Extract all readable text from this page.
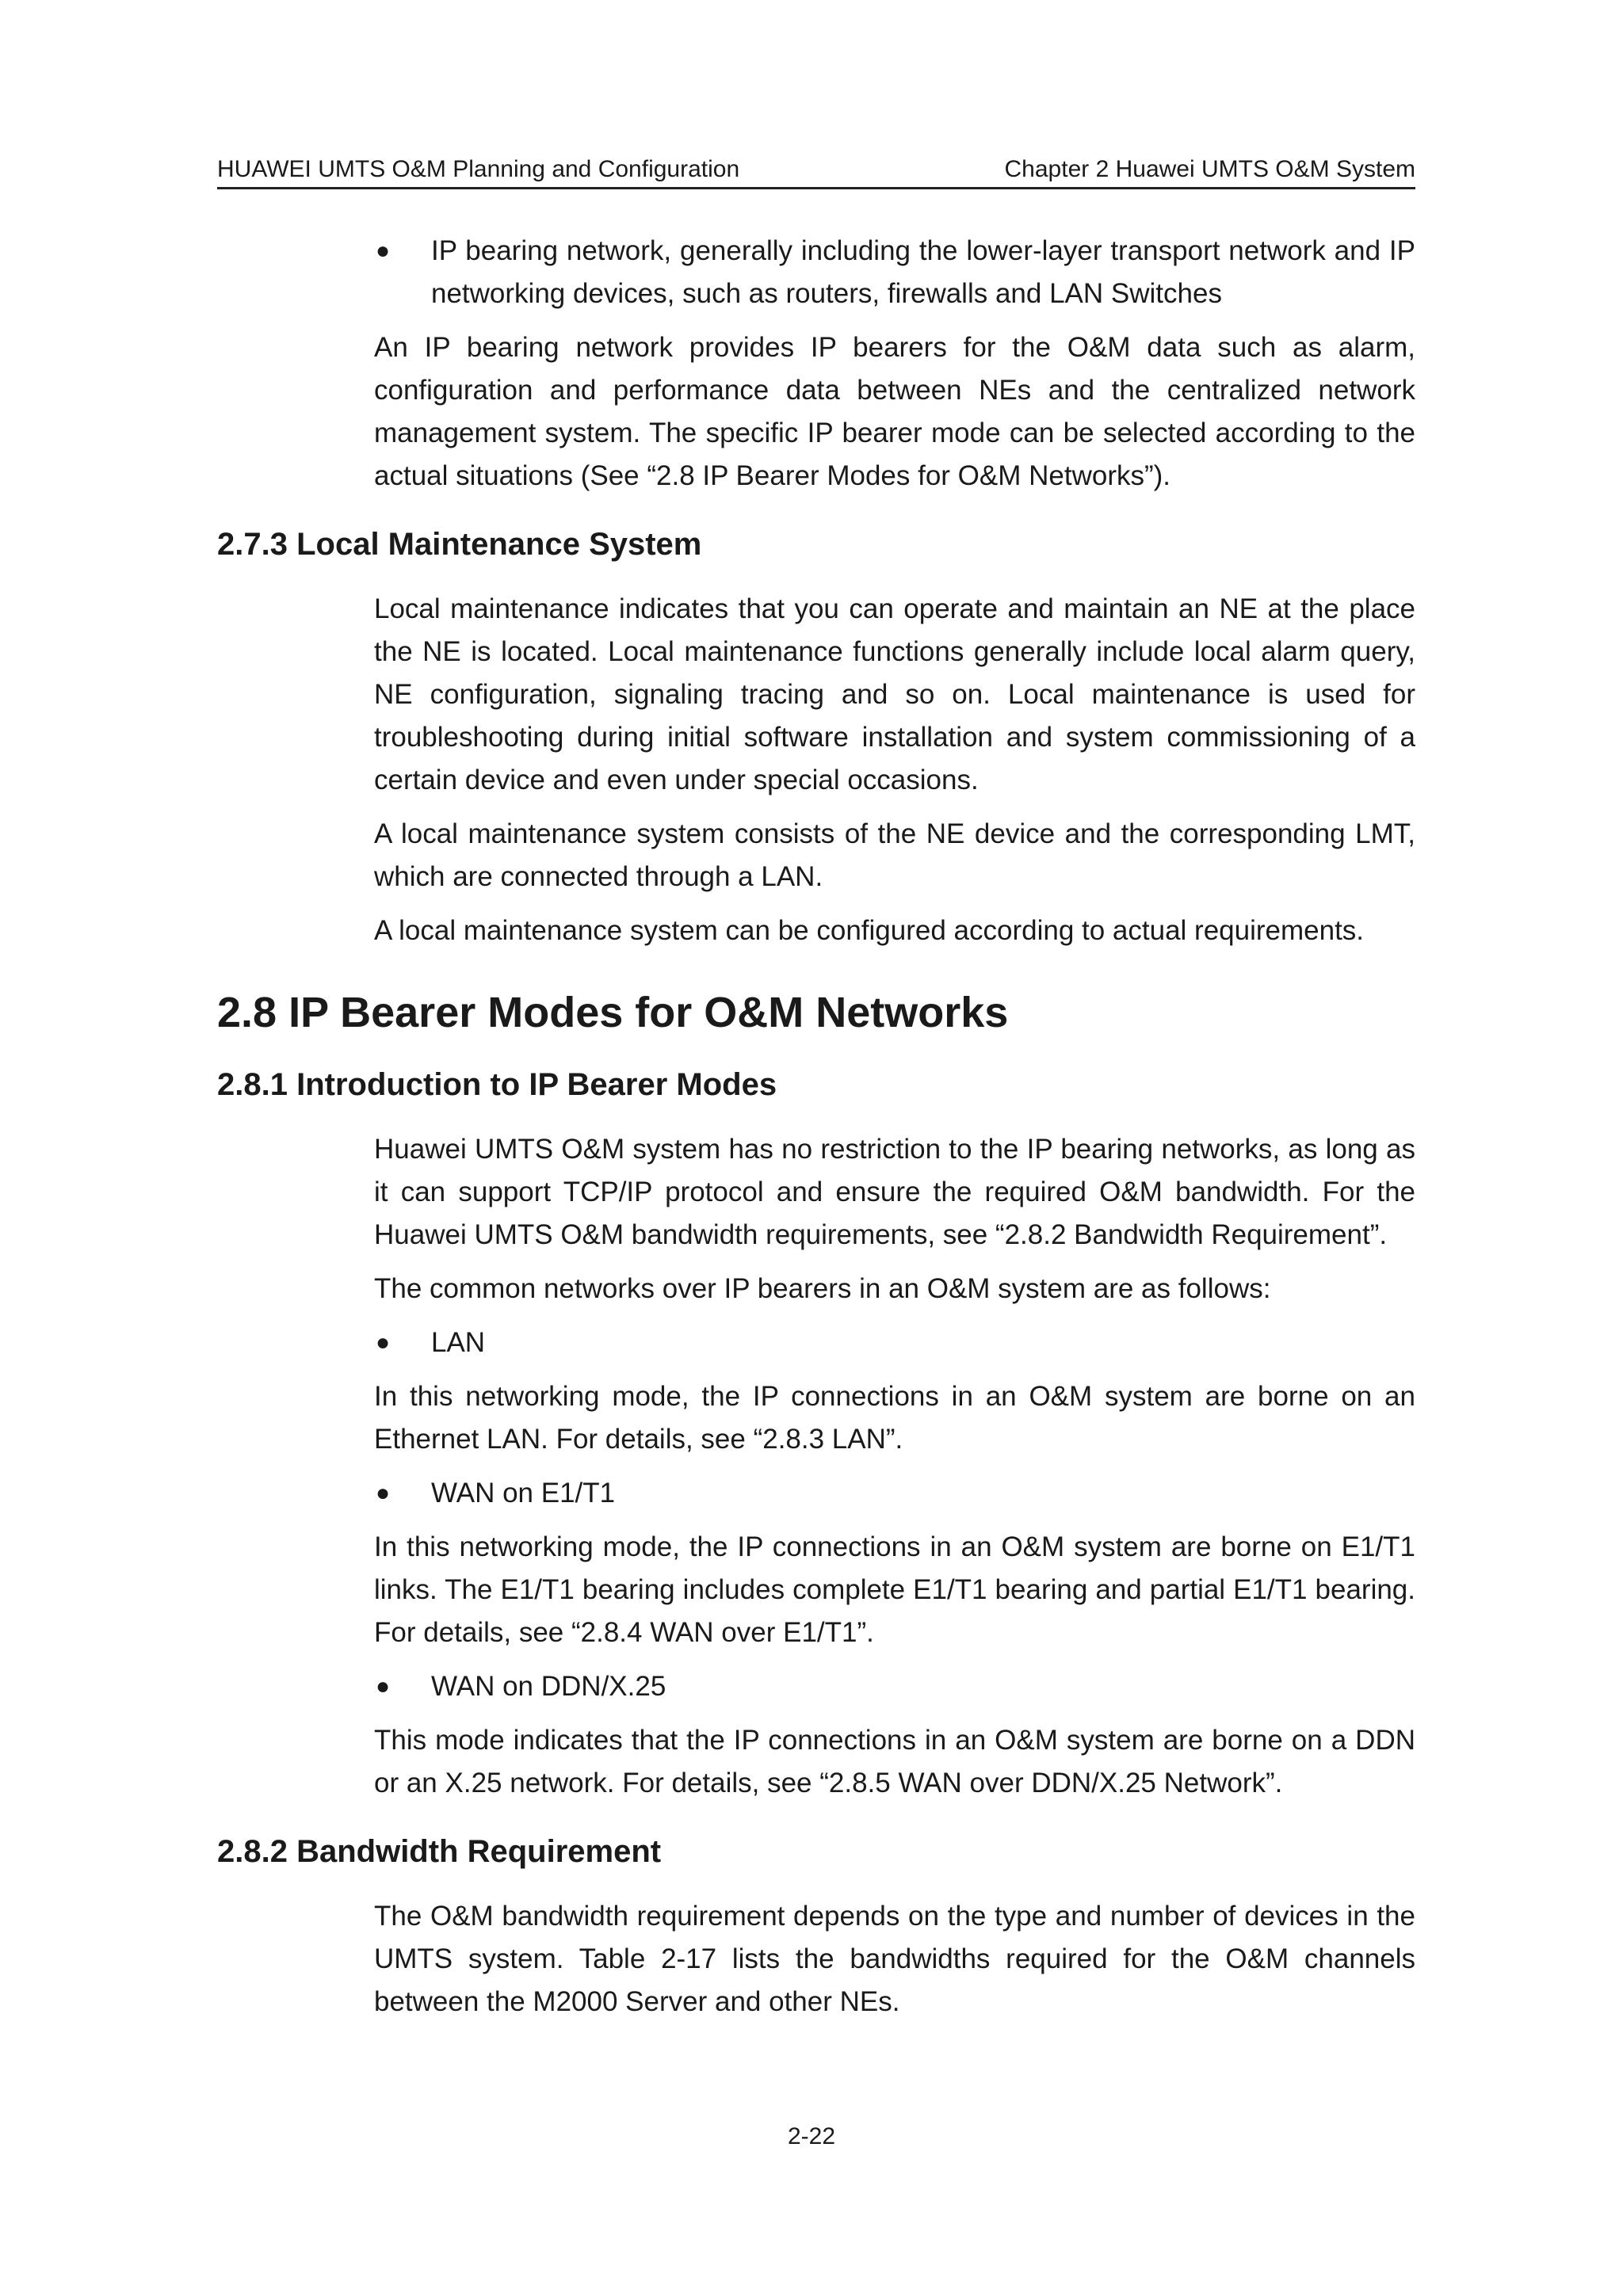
HUAWEI UMTS O&M Planning and Configuration	Chapter 2 Huawei UMTS O&M System
● IP bearing network, generally including the lower-layer transport network and IP networking devices, such as routers, firewalls and LAN Switches

An IP bearing network provides IP bearers for the O&M data such as alarm, configuration and performance data between NEs and the centralized network management system. The specific IP bearer mode can be selected according to the actual situations (See “2.8 IP Bearer Modes for O&M Networks”).

2.7.3 Local Maintenance System

Local maintenance indicates that you can operate and maintain an NE at the place the NE is located. Local maintenance functions generally include local alarm query, NE configuration, signaling tracing and so on. Local maintenance is used for troubleshooting during initial software installation and system commissioning of a certain device and even under special occasions.

A local maintenance system consists of the NE device and the corresponding LMT, which are connected through a LAN.

A local maintenance system can be configured according to actual requirements.

2.8 IP Bearer Modes for O&M Networks
2.8.1 Introduction to IP Bearer Modes

Huawei UMTS O&M system has no restriction to the IP bearing networks, as long as it can support TCP/IP protocol and ensure the required O&M bandwidth. For the Huawei UMTS O&M bandwidth requirements, see “2.8.2 Bandwidth Requirement”.

The common networks over IP bearers in an O&M system are as follows:

● LAN

In this networking mode, the IP connections in an O&M system are borne on an Ethernet LAN. For details, see “2.8.3 LAN”.

● WAN on E1/T1

In this networking mode, the IP connections in an O&M system are borne on E1/T1 links. The E1/T1 bearing includes complete E1/T1 bearing and partial E1/T1 bearing. For details, see “2.8.4 WAN over E1/T1”.

● WAN on DDN/X.25

This mode indicates that the IP connections in an O&M system are borne on a DDN or an X.25 network. For details, see “2.8.5 WAN over DDN/X.25 Network”.

2.8.2 Bandwidth Requirement

The O&M bandwidth requirement depends on the type and number of devices in the UMTS system. Table 2-17 lists the bandwidths required for the O&M channels between the M2000 Server and other NEs.

2-22
